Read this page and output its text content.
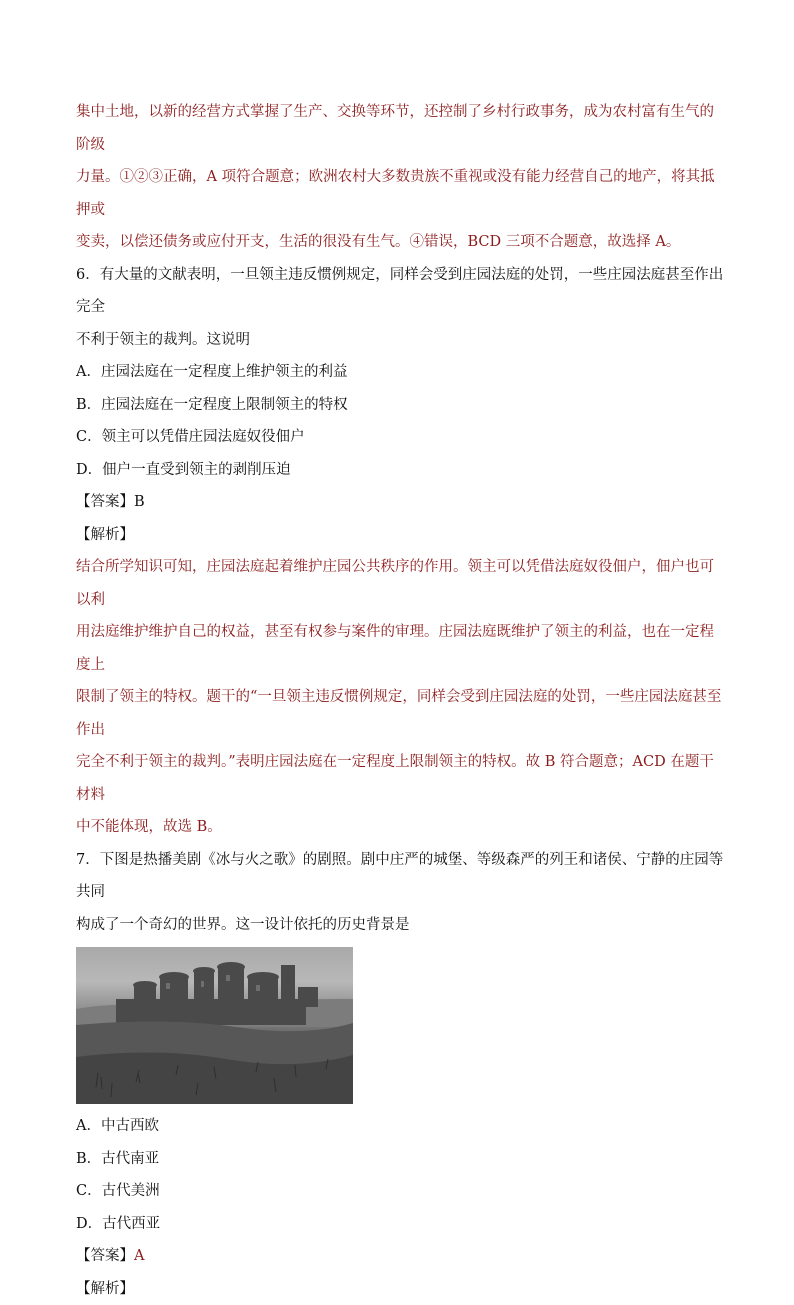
集中土地，以新的经营方式掌握了生产、交换等环节，还控制了乡村行政事务，成为农村富有生气的阶级

力量。①②③正确，A 项符合题意；欧洲农村大多数贵族不重视或没有能力经营自己的地产，将其抵押或

变卖，以偿还债务或应付开支，生活的很没有生气。④错误，BCD 三项不合题意，故选择 A。

6．有大量的文献表明，一旦领主违反惯例规定，同样会受到庄园法庭的处罚，一些庄园法庭甚至作出完全

不利于领主的裁判。这说明

A．庄园法庭在一定程度上维护领主的利益

B．庄园法庭在一定程度上限制领主的特权

C．领主可以凭借庄园法庭奴役佃户

D．佃户一直受到领主的剥削压迫

【答案】B

【解析】

结合所学知识可知，庄园法庭起着维护庄园公共秩序的作用。领主可以凭借法庭奴役佃户，佃户也可以利

用法庭维护维护自己的权益，甚至有权参与案件的审理。庄园法庭既维护了领主的利益，也在一定程度上

限制了领主的特权。题干的“一旦领主违反惯例规定，同样会受到庄园法庭的处罚，一些庄园法庭甚至作出

完全不利于领主的裁判。”表明庄园法庭在一定程度上限制领主的特权。故 B 符合题意；ACD 在题干材料

中不能体现，故选 B。

7．下图是热播美剧《冰与火之歌》的剧照。剧中庄严的城堡、等级森严的列王和诸侯、宁静的庄园等共同

构成了一个奇幻的世界。这一设计依托的历史背景是

A．中古西欧

B．古代南亚

C．古代美洲

D．古代西亚

【答案】A

【解析】
